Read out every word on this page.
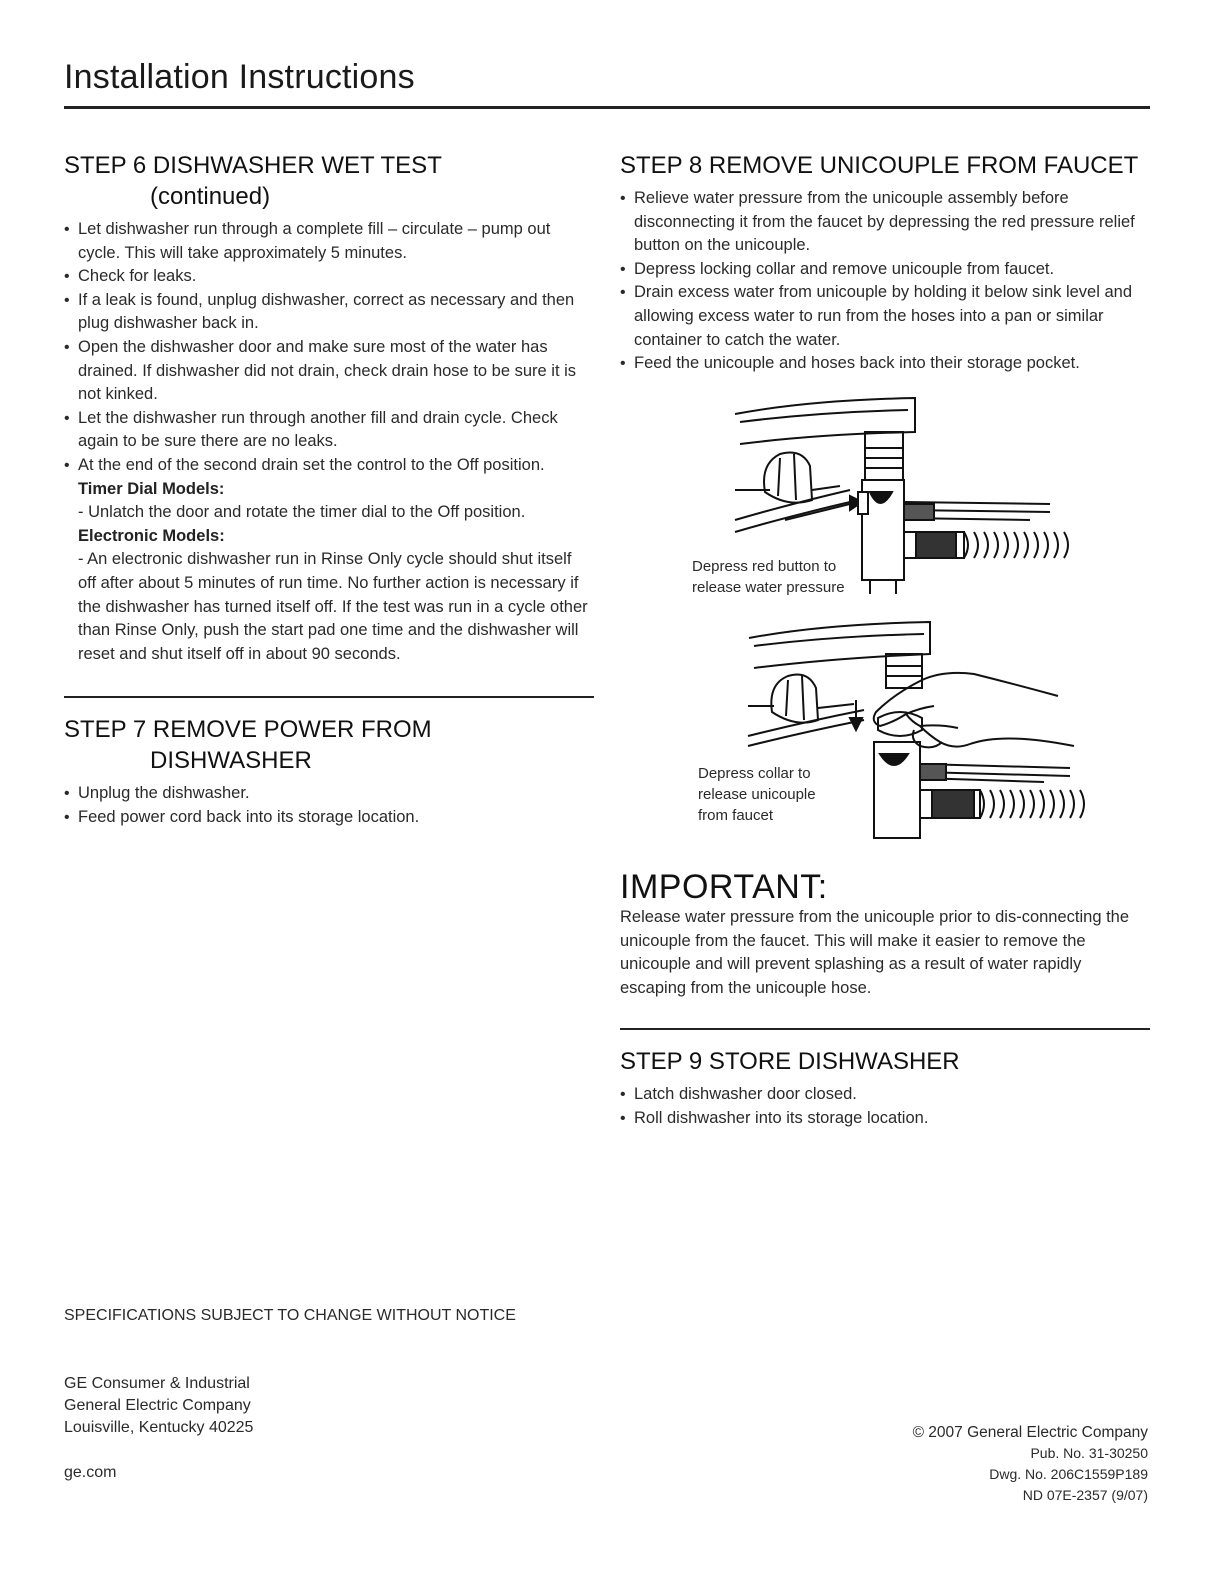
Installation Instructions
STEP 6 DISHWASHER WET TEST
(continued)
• Let dishwasher run through a complete fill – circulate – pump out cycle. This will take approximately 5 minutes.
• Check for leaks.
• If a leak is found, unplug dishwasher, correct as necessary and then plug dishwasher back in.
• Open the dishwasher door and make sure most of the water has drained. If dishwasher did not drain, check drain hose to be sure it is not kinked.
• Let the dishwasher run through another fill and drain cycle. Check again to be sure there are no leaks.
• At the end of the second drain set the control to the Off position.
Timer Dial Models:
- Unlatch the door and rotate the timer dial to the Off position.
Electronic Models:
- An electronic dishwasher run in Rinse Only cycle should shut itself off after about 5 minutes of run time. No further action is necessary if the dishwasher has turned itself off. If the test was run in a cycle other than Rinse Only, push the start pad one time and the dishwasher will reset and shut itself off in about 90 seconds.
STEP 7 REMOVE POWER FROM
DISHWASHER
• Unplug the dishwasher.
• Feed power cord back into its storage location.
STEP 8 REMOVE UNICOUPLE FROM FAUCET
• Relieve water pressure from the unicouple assembly before disconnecting it from the faucet by depressing the red pressure relief button on the unicouple.
• Depress locking collar and remove unicouple from faucet.
• Drain excess water from unicouple by holding it below sink level and allowing excess water to run from the hoses into a pan or similar container to catch the water.
• Feed the unicouple and hoses back into their storage pocket.
Depress red button to
release water pressure
Depress collar to
release unicouple
from faucet
IMPORTANT:

Release water pressure from the unicouple prior to dis-connecting the unicouple from the faucet. This will make it easier to remove the unicouple and will prevent splashing as a result of water rapidly escaping from the unicouple hose.

STEP 9 STORE DISHWASHER
• Latch dishwasher door closed.
• Roll dishwasher into its storage location.

SPECIFICATIONS SUBJECT TO CHANGE WITHOUT NOTICE

GE Consumer & Industrial
General Electric Company
Louisville, Kentucky 40225

ge.com

© 2007 General Electric Company
Pub. No. 31-30250
Dwg. No. 206C1559P189
ND 07E-2357 (9/07)
